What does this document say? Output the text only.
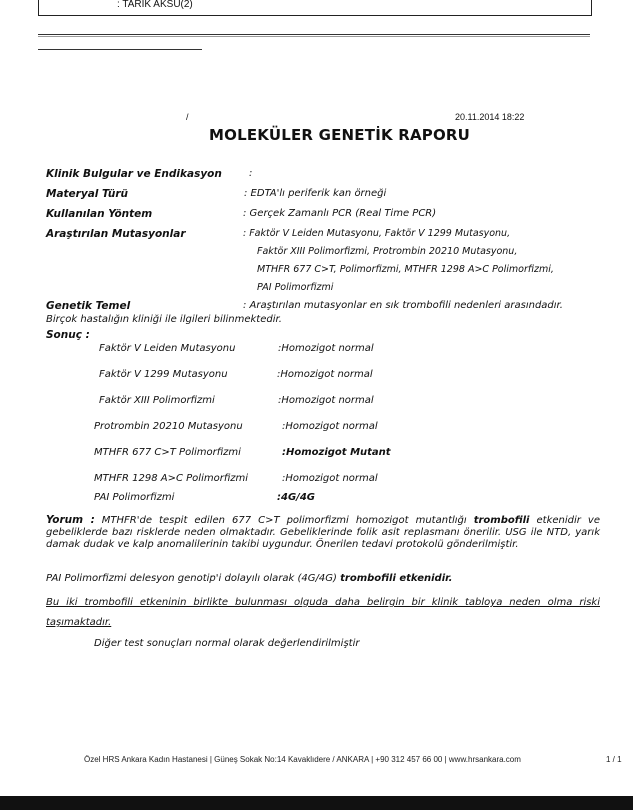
: TARIK AKSU(2)
/	20.11.2014 18:22
MOLEKÜLER GENETİK RAPORU
Klinik Bulgular ve Endikasyon	:
Materyal Türü	: EDTA'lı periferik kan örneği
Kullanılan Yöntem	: Gerçek Zamanlı PCR (Real Time PCR)
Araştırılan Mutasyonlar	: Faktör V Leiden Mutasyonu, Faktör V 1299 Mutasyonu,
Faktör XIII Polimorfizmi, Protrombin 20210 Mutasyonu,
MTHFR 677 C>T, Polimorfizmi, MTHFR 1298 A>C Polimorfizmi,
PAI Polimorfizmi
Genetik Temel	: Araştırılan mutasyonlar en sık trombofili nedenleri arasındadır.
Birçok hastalığın kliniği ile ilgileri bilinmektedir.
Sonuç :
Faktör V Leiden Mutasyonu	:Homozigot normal
Faktör V 1299 Mutasyonu	:Homozigot normal
Faktör XIII Polimorfizmi	:Homozigot normal
Protrombin 20210 Mutasyonu	:Homozigot normal
MTHFR 677 C>T Polimorfizmi	:Homozigot Mutant
MTHFR 1298 A>C Polimorfizmi	:Homozigot normal
PAI Polimorfizmi	:4G/4G
Yorum : MTHFR'de tespit edilen 677 C>T polimorfizmi homozigot mutantlığı trombofili etkenidir ve gebeliklerde bazı risklerde neden olmaktadır. Gebeliklerinde folik asit replasmanı önerilir. USG ile NTD, yarık damak dudak ve kalp anomalilerinin takibi uygundur. Önerilen tedavi protokolü gönderilmiştir.
PAI Polimorfizmi delesyon genotip'i dolayılı olarak (4G/4G) trombofili etkenidir.
Bu iki trombofili etkeninin birlikte bulunması olguda daha belirgin bir klinik tabloya neden olma riski taşımaktadır.
Diğer test sonuçları normal olarak değerlendirilmiştir
Özel HRS Ankara Kadın Hastanesi | Güneş Sokak No:14 Kavaklıdere / ANKARA | +90 312 457 66 00 | www.hrsankara.com	1 / 1
